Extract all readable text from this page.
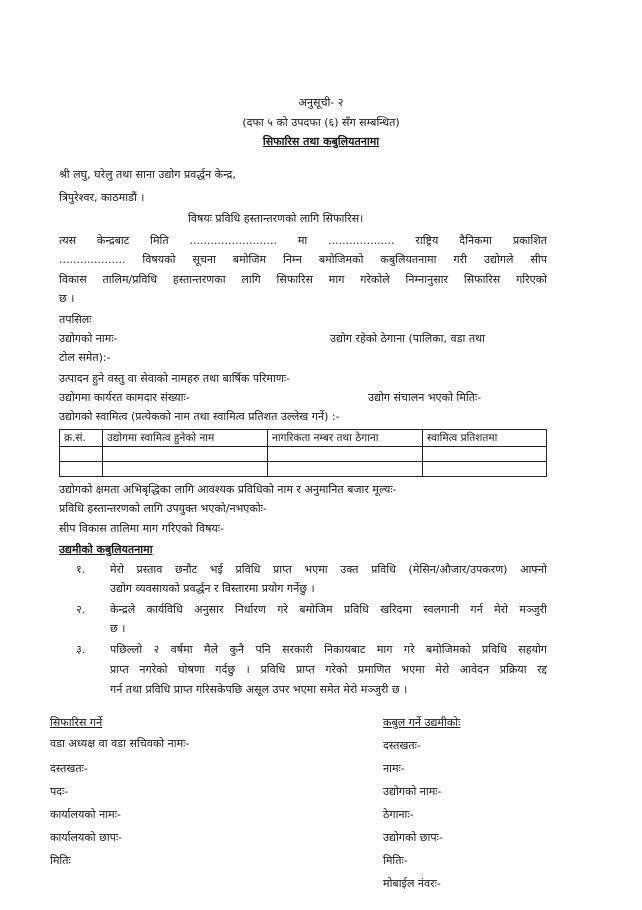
अनुसूची- २
(दफा ५ को उपदफा (६) सँग सम्बन्धित)
सिफारिस तथा कबुलियतनामा
श्री लघु, घरेलु तथा साना उद्योग प्रवर्द्धन केन्द्र,
त्रिपुरेश्वर, काठमाडौं ।
विषयः प्रविधि हस्तान्तरणको लागि सिफारिस।
त्यस केन्द्रबाट मिति ......................... मा ................... राष्ट्रिय दैनिकमा प्रकाशित
................... विषयको सूचना बमोजिम निम्न बमोजिमको कबुलियतनामा गरी उद्योगले सीप
विकास तालिम/प्रविधि हस्तान्तरणका लागि सिफारिस माग गरेकोले निम्नानुसार सिफारिस गरिएको
छ ।
तपसिलः
उद्योगको नामः-	उद्योग रहेको ठेगाना (पालिका, वडा तथा
टोल समेत):-
उत्पादन हुने वस्तु वा सेवाको नामहरु तथा बार्षिक परिमाणः-
उद्योगमा कार्यरत कामदार संख्याः-	उद्योग संचालन भएको मितिः-
उद्योगको स्वामित्व (प्रत्येकको नाम तथा स्वामित्व प्रतिशत उल्लेख गर्ने) :-
क्र.सं.	उद्योगमा स्वामित्व हुनेको नाम	नागरिकता नम्बर तथा ठेगाना	स्वामित्व प्रतिशतमा

उद्योगको क्षमता अभिबृद्धिका लागि आवश्यक प्रविधिको नाम र अनुमानित बजार मूल्यः-
प्रविधि हस्तान्तरणको लागि उपयुक्त भएको/नभएकोः-
सीप विकास तालिमा माग गरिएको विषयः-
उद्यमीको कबुलियतनामा
१. मेरो प्रस्ताव छनौट भई प्रविधि प्राप्त भएमा उक्त प्रविधि (मेसिन/औजार/उपकरण) आफ्नो
उद्योग व्यवसायको प्रवर्द्धन र विस्तारमा प्रयोग गर्नेछु ।
२. केन्द्रले कार्यविधि अनुसार निर्धारण गरे बमोजिम प्रविधि खरिदमा स्वलगानी गर्न मेरो मञ्जुरी
छ ।
३. पछिल्लो २ वर्षमा मैले कुनै पनि सरकारी निकायबाट माग गरे बमोजिमको प्रविधि सहयोग
प्राप्त नगरेको घोषणा गर्दछु । प्रविधि प्राप्त गरेको प्रमाणित भएमा मेरो आवेदन प्रक्रिया रद्द
गर्न तथा प्रविधि प्राप्त गरिसकेपछि असूल उपर भएमा समेत मेरो मञ्जुरी छ ।
सिफारिस गर्ने
वडा अध्यक्ष वा वडा सचिवको नामः-
दस्तखतः-
पदः-
कार्यालयको नामः-
कार्यालयको छापः-
मितिः
कबुल गर्ने उद्यमीकोः
दस्तखतः-
नामः-
उद्योगको नामः-
ठेगानाः-
उद्योगको छापः-
मितिः-
मोबाईल नंवरः-
